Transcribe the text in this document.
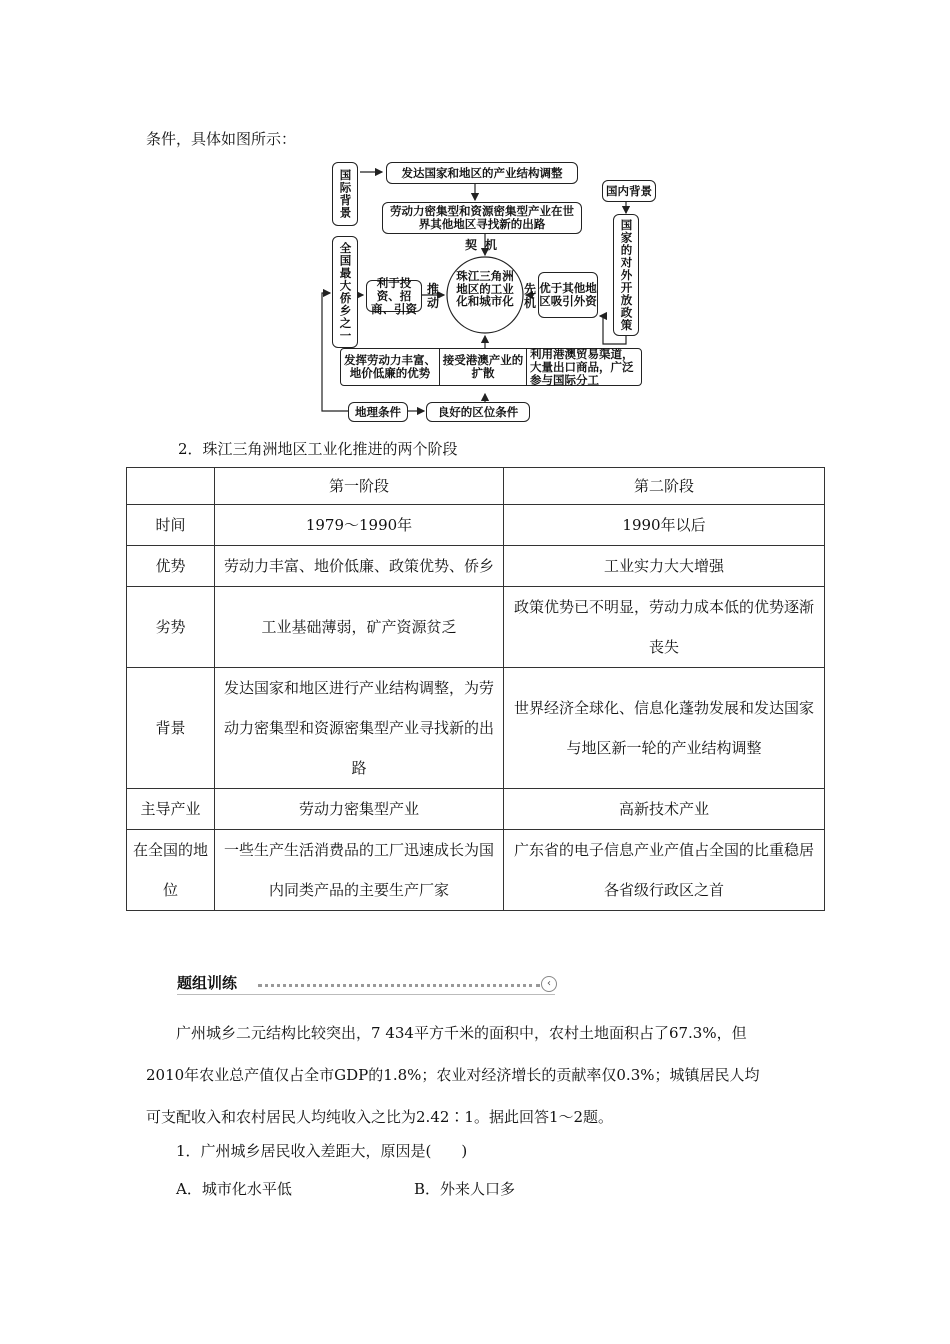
条件，具体如图所示：
国际背景	发达国家和地区的产业结构调整
劳动力密集型和资源密集型产业在世界其他地区寻找新的出路
国内背景
国家的对外开放政策
全国最大侨乡之一	利于投资、招商、引资
推动
珠江三角洲地区的工业化和城市化
契机
先机
优于其他地区吸引外资
发挥劳动力丰富、地价低廉的优势
接受港澳产业的扩散
利用港澳贸易渠道，大量出口商品，广泛参与国际分工
地理条件	良好的区位条件
2．珠江三角洲地区工业化推进的两个阶段
	第一阶段	第二阶段
时间	1979～1990年	1990年以后
优势	劳动力丰富、地价低廉、政策优势、侨乡	工业实力大大增强
劣势	工业基础薄弱，矿产资源贫乏	政策优势已不明显，劳动力成本低的优势逐渐丧失
背景	发达国家和地区进行产业结构调整，为劳动力密集型和资源密集型产业寻找新的出路	世界经济全球化、信息化蓬勃发展和发达国家与地区新一轮的产业结构调整
主导产业	劳动力密集型产业	高新技术产业
在全国的地位	一些生产生活消费品的工厂迅速成长为国内同类产品的主要生产厂家	广东省的电子信息产业产值占全国的比重稳居各省级行政区之首
题组训练	‹
广州城乡二元结构比较突出，7 434平方千米的面积中，农村土地面积占了67.3%，但
2010年农业总产值仅占全市GDP的1.8%；农业对经济增长的贡献率仅0.3%；城镇居民人均
可支配收入和农村居民人均纯收入之比为2.42∶1。据此回答1～2题。
1．广州城乡居民收入差距大，原因是(　　)
A．城市化水平低	B．外来人口多
